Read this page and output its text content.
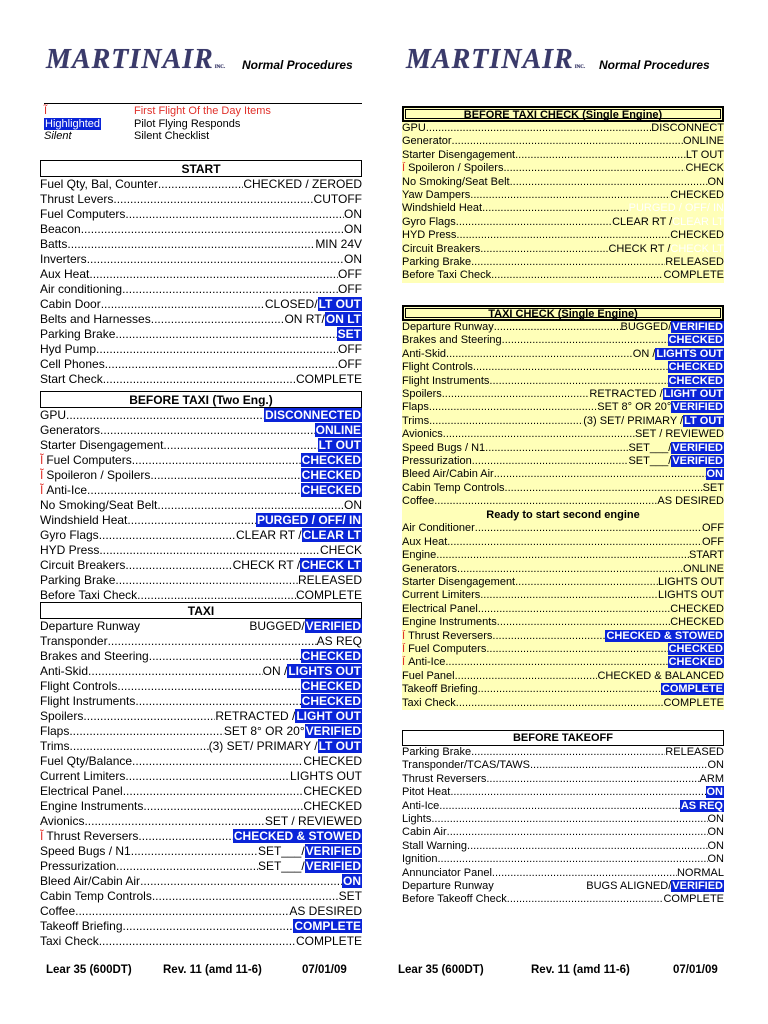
MARTINAIRINC. Normal Procedures
Ĩ	First Flight Of the Day Items
Highlighted	Pilot Flying Responds
Silent	Silent Checklist
START
Fuel Qty, Bal, Counter .....	CHECKED / ZEROED
Thrust Levers .....	CUTOFF
Fuel Computers .....	ON
Beacon .....	ON
Batts .....	MIN 24V
Inverters .....	ON
Aux Heat .....	OFF
Air conditioning .....	OFF
Cabin Door .....	CLOSED/LT OUT
Belts and Harnesses .....	ON RT/ON LT
Parking Brake .....	SET
Hyd Pump .....	OFF
Cell Phones .....	OFF
Start Check .....	COMPLETE
BEFORE TAXI (Two Eng.)
GPU .....	DISCONNECTED
Generators .....	ONLINE
Starter Disengagement .....	LT OUT
Ĩ Fuel Computers .....	CHECKED
Ĩ Spoileron / Spoilers .....	CHECKED
Ĩ Anti-Ice .....	CHECKED
No Smoking/Seat Belt .....	ON
Windshield Heat .....	PURGED / OFF/ IN
Gyro Flags .....	CLEAR RT /CLEAR LT
HYD Press .....	CHECK
Circuit Breakers .....	CHECK RT /CHECK LT
Parking Brake .....	RELEASED
Before Taxi Check .....	COMPLETE
TAXI
Departure Runway	BUGGED/VERIFIED
Transponder .....	AS REQ
Brakes and Steering .....	CHECKED
Anti-Skid .....	ON /LIGHTS OUT
Flight Controls .....	CHECKED
Flight Instruments .....	CHECKED
Spoilers .....	RETRACTED /LIGHT OUT
Flaps .....	SET 8° OR 20°VERIFIED
Trims .....	(3) SET/ PRIMARY /LT OUT
Fuel Qty/Balance .....	CHECKED
Current Limiters .....	LIGHTS OUT
Electrical Panel .....	CHECKED
Engine Instruments .....	CHECKED
Avionics .....	SET / REVIEWED
Ĩ Thrust Reversers .....	CHECKED & STOWED
Speed Bugs / N1 .....	SET___/VERIFIED
Pressurization .....	SET___/VERIFIED
Bleed Air/Cabin Air .....	ON
Cabin Temp Controls .....	SET
Coffee .....	AS DESIRED
Takeoff Briefing .....	COMPLETE
Taxi Check .....	COMPLETE
Lear 35 (600DT)	Rev. 11 (amd 11-6)	07/01/09
MARTINAIRINC. Normal Procedures
BEFORE TAXI CHECK (Single Engine)
GPU .....	DISCONNECT
Generator .....	ONLINE
Starter Disengagement .....	LT OUT
Ĩ Spoileron / Spoilers .....	CHECK
No Smoking/Seat Belt .....	ON
Yaw Dampers .....	CHECKED
Windshield Heat .....	PURGED / OFF/ IN
Gyro Flags .....	CLEAR RT /CLEAR LT
HYD Press .....	CHECKED
Circuit Breakers .....	CHECK RT /CHECK LT
Parking Brake .....	RELEASED
Before Taxi Check .....	COMPLETE
TAXI CHECK (Single Engine)
Departure Runway .....	BUGGED/VERIFIED
Brakes and Steering .....	CHECKED
Anti-Skid .....	ON /LIGHTS OUT
Flight Controls .....	CHECKED
Flight Instruments .....	CHECKED
Spoilers .....	RETRACTED /LIGHT OUT
Flaps .....	SET 8° OR 20°VERIFIED
Trims .....	(3) SET/ PRIMARY /LT OUT
Avionics .....	SET / REVIEWED
Speed Bugs / N1 .....	SET___/VERIFIED
Pressurization .....	SET___/VERIFIED
Bleed Air/Cabin Air .....	ON
Cabin Temp Controls .....	SET
Coffee .....	AS DESIRED
Ready to start second engine
Air Conditioner .....	OFF
Aux Heat .....	OFF
Engine .....	START
Generators .....	ONLINE
Starter Disengagement .....	LIGHTS OUT
Current Limiters .....	LIGHTS OUT
Electrical Panel .....	CHECKED
Engine Instruments .....	CHECKED
Ĩ Thrust Reversers .....	CHECKED & STOWED
Ĩ Fuel Computers .....	CHECKED
Ĩ Anti-Ice .....	CHECKED
Fuel Panel .....	CHECKED & BALANCED
Takeoff Briefing .....	COMPLETE
Taxi Check .....	COMPLETE
BEFORE TAKEOFF
Parking Brake .....	RELEASED
Transponder/TCAS/TAWS .....	ON
Thrust Reversers .....	ARM
Pitot Heat .....	ON
Anti-Ice .....	AS REQ
Lights .....	ON
Cabin Air .....	ON
Stall Warning .....	ON
Ignition .....	ON
Annunciator Panel .....	NORMAL
Departure Runway	BUGS ALIGNED/VERIFIED
Before Takeoff Check .....	COMPLETE
Lear 35 (600DT)	Rev. 11 (amd 11-6)	07/01/09
